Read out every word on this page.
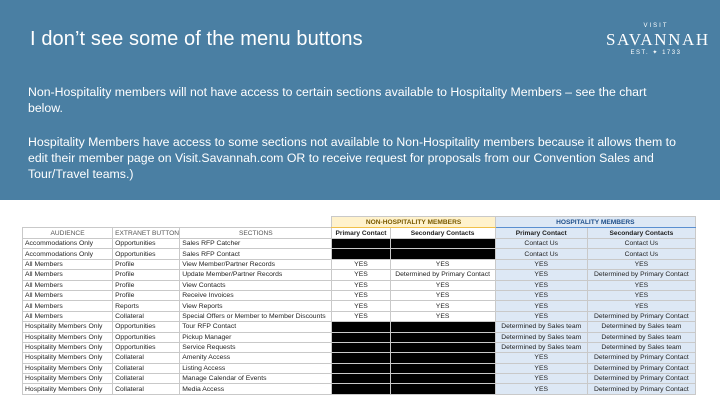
I don’t see some of the menu buttons
VISIT
SAVANNAH
EST. ✦ 1733
Non-Hospitality members will not have access to certain sections available to Hospitality Members – see the chart below.
Hospitality Members have access to some sections not available to Non-Hospitality members because it allows them to edit their member page on Visit.Savannah.com OR to receive request for proposals from our Convention Sales and Tour/Travel teams.)
			NON-HOSPITALITY MEMBERS		HOSPITALITY MEMBERS	
AUDIENCE	EXTRANET BUTTON	SECTIONS	Primary Contact	Secondary Contacts	Primary Contact	Secondary Contacts
Accommodations Only	Opportunities	Sales RFP Catcher			Contact Us	Contact Us
Accommodations Only	Opportunities	Sales RFP Contact			Contact Us	Contact Us
All Members	Profile	View Member/Partner Records	YES	YES	YES	YES
All Members	Profile	Update Member/Partner Records	YES	Determined by Primary Contact	YES	Determined by Primary Contact
All Members	Profile	View Contacts	YES	YES	YES	YES
All Members	Profile	Receive Invoices	YES	YES	YES	YES
All Members	Reports	View Reports	YES	YES	YES	YES
All Members	Collateral	Special Offers or Member to Member Discounts	YES	YES	YES	Determined by Primary Contact
Hospitality Members Only	Opportunities	Tour RFP Contact			Determined by Sales team	Determined by Sales team
Hospitality Members Only	Opportunities	Pickup Manager			Determined by Sales team	Determined by Sales team
Hospitality Members Only	Opportunities	Service Requests			Determined by Sales team	Determined by Sales team
Hospitality Members Only	Collateral	Amenity Access			YES	Determined by Primary Contact
Hospitality Members Only	Collateral	Listing Access			YES	Determined by Primary Contact
Hospitality Members Only	Collateral	Manage Calendar of Events			YES	Determined by Primary Contact
Hospitality Members Only	Collateral	Media Access			YES	Determined by Primary Contact
